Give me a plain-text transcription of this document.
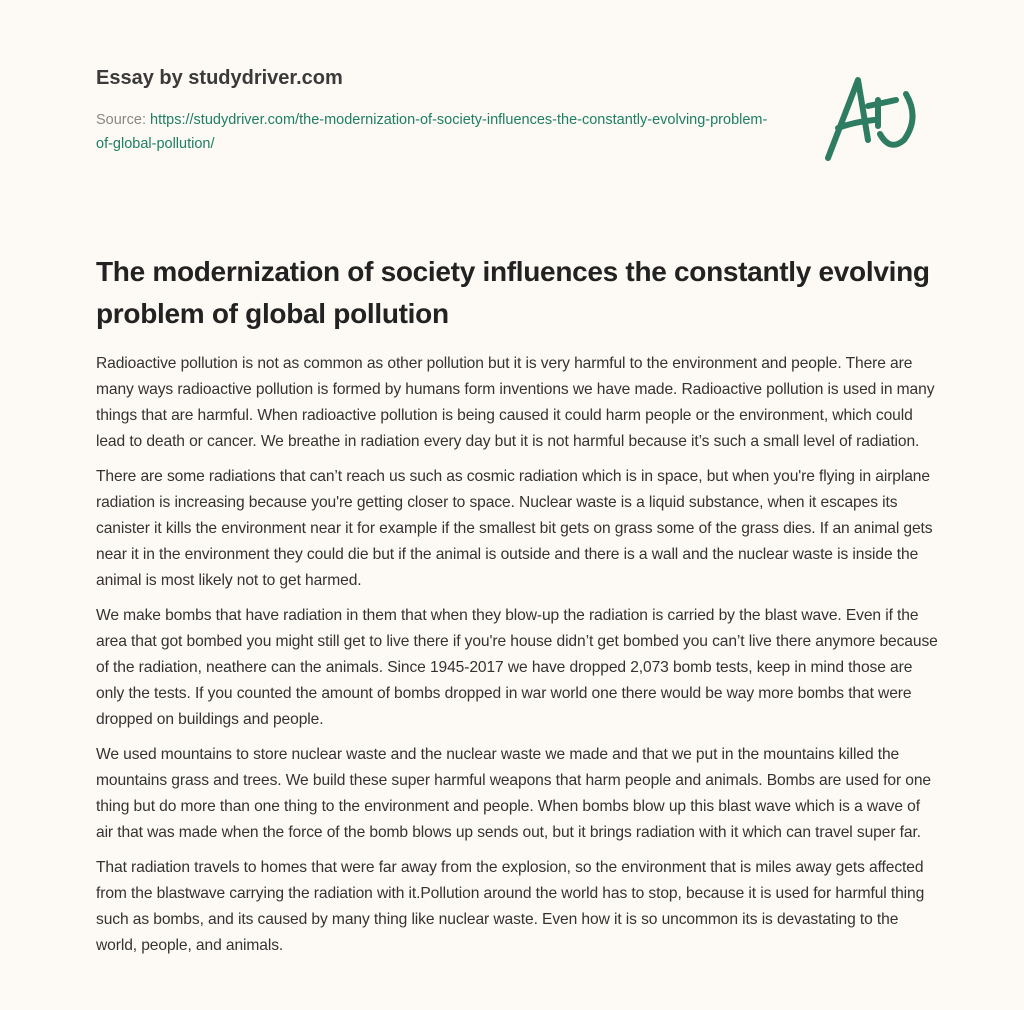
Essay by studydriver.com
Source: https://studydriver.com/the-modernization-of-society-influences-the-constantly-evolving-problem-of-global-pollution/
The modernization of society influences the constantly evolving problem of global pollution

Radioactive pollution is not as common as other pollution but it is very harmful to the environment and people. There are many ways radioactive pollution is formed by humans form inventions we have made. Radioactive pollution is used in many things that are harmful. When radioactive pollution is being caused it could harm people or the environment, which could lead to death or cancer. We breathe in radiation every day but it is not harmful because it’s such a small level of radiation.

There are some radiations that can’t reach us such as cosmic radiation which is in space, but when you're flying in airplane radiation is increasing because you're getting closer to space. Nuclear waste is a liquid substance, when it escapes its canister it kills the environment near it for example if the smallest bit gets on grass some of the grass dies. If an animal gets near it in the environment they could die but if the animal is outside and there is a wall and the nuclear waste is inside the animal is most likely not to get harmed.

We make bombs that have radiation in them that when they blow-up the radiation is carried by the blast wave. Even if the area that got bombed you might still get to live there if you're house didn’t get bombed you can’t live there anymore because of the radiation, neathere can the animals. Since 1945-2017 we have dropped 2,073 bomb tests, keep in mind those are only the tests. If you counted the amount of bombs dropped in war world one there would be way more bombs that were dropped on buildings and people.

We used mountains to store nuclear waste and the nuclear waste we made and that we put in the mountains killed the mountains grass and trees. We build these super harmful weapons that harm people and animals. Bombs are used for one thing but do more than one thing to the environment and people. When bombs blow up this blast wave which is a wave of air that was made when the force of the bomb blows up sends out, but it brings radiation with it which can travel super far.

That radiation travels to homes that were far away from the explosion, so the environment that is miles away gets affected from the blastwave carrying the radiation with it.Pollution around the world has to stop, because it is used for harmful thing such as bombs, and its caused by many thing like nuclear waste. Even how it is so uncommon its is devastating to the world, people, and animals.
